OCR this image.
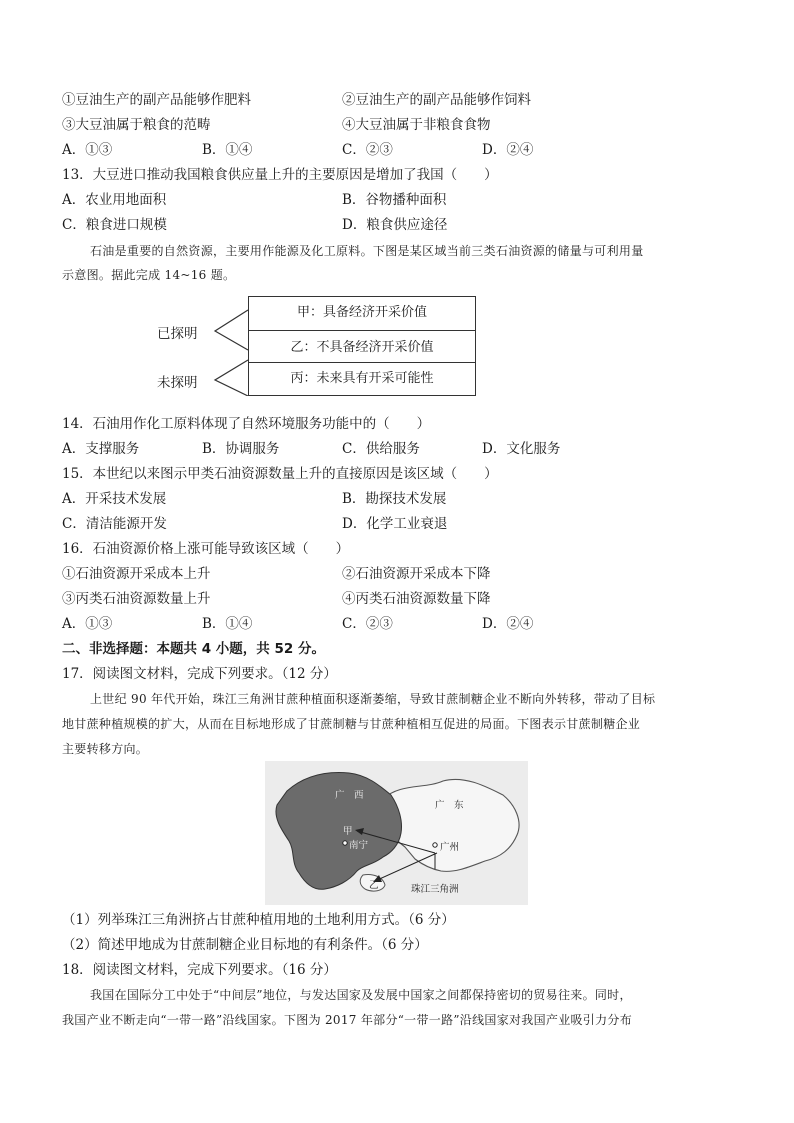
①豆油生产的副产品能够作肥料	②豆油生产的副产品能够作饲料
③大豆油属于粮食的范畴	④大豆油属于非粮食食物
A．①③	B．①④	C．②③	D．②④
13．大豆进口推动我国粮食供应量上升的主要原因是增加了我国（　　）
A．农业用地面积	B．谷物播种面积
C．粮食进口规模	D．粮食供应途径
石油是重要的自然资源，主要用作能源及化工原料。下图是某区域当前三类石油资源的储量与可利用量
示意图。据此完成 14~16 题。
已探明
未探明
甲：具备经济开采价值
乙：不具备经济开采价值
丙：未来具有开采可能性
14．石油用作化工原料体现了自然环境服务功能中的（　　）
A．支撑服务	B．协调服务	C．供给服务	D．文化服务
15．本世纪以来图示甲类石油资源数量上升的直接原因是该区域（　　）
A．开采技术发展	B．勘探技术发展
C．清洁能源开发	D．化学工业衰退
16．石油资源价格上涨可能导致该区域（　　）
①石油资源开采成本上升	②石油资源开采成本下降
③丙类石油资源数量上升	④丙类石油资源数量下降
A．①③	B．①④	C．②③	D．②④
二、非选择题：本题共 4 小题，共 52 分。
17．阅读图文材料，完成下列要求。（12 分）
上世纪 90 年代开始，珠江三角洲甘蔗种植面积逐渐萎缩，导致甘蔗制糖企业不断向外转移，带动了目标
地甘蔗种植规模的扩大，从而在目标地形成了甘蔗制糖与甘蔗种植相互促进的局面。下图表示甘蔗制糖企业
主要转移方向。
广　西
广　东
甲
南宁	广州
乙	珠江三角洲
（1）列举珠江三角洲挤占甘蔗种植用地的土地利用方式。（6 分）
（2）简述甲地成为甘蔗制糖企业目标地的有利条件。（6 分）
18．阅读图文材料，完成下列要求。（16 分）
我国在国际分工中处于“中间层”地位，与发达国家及发展中国家之间都保持密切的贸易往来。同时，
我国产业不断走向“一带一路”沿线国家。下图为 2017 年部分“一带一路”沿线国家对我国产业吸引力分布
